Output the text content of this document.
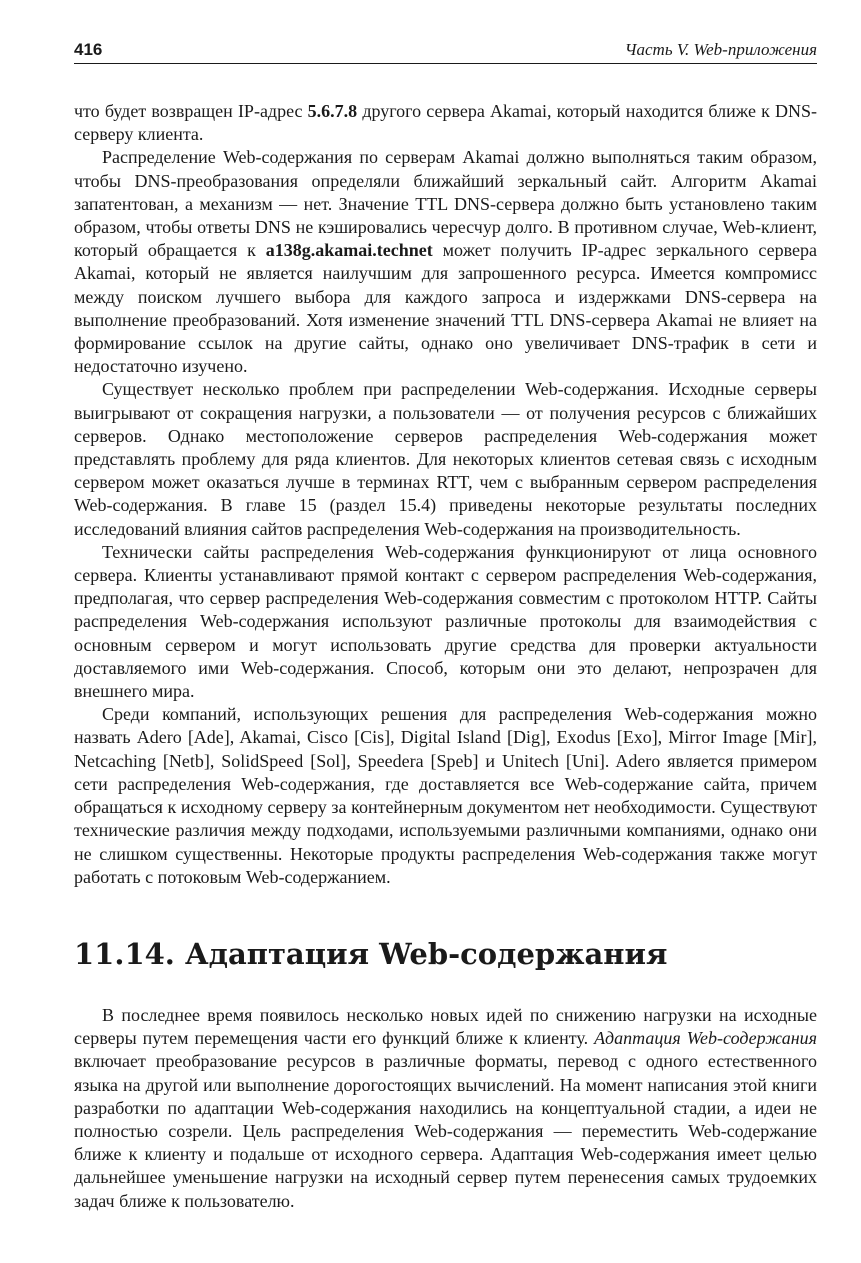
416	Часть V. Web-приложения

что будет возвращен IP-адрес 5.6.7.8 другого сервера Akamai, который находится ближе к DNS-серверу клиента.

Распределение Web-содержания по серверам Akamai должно выполняться таким образом, чтобы DNS-преобразования определяли ближайший зеркальный сайт. Алгоритм Akamai запатентован, а механизм — нет. Значение TTL DNS-сервера должно быть установлено таким образом, чтобы ответы DNS не кэшировались чересчур долго. В противном случае, Web-клиент, который обращается к a138g.akamai.technet может получить IP-адрес зеркального сервера Akamai, который не является наилучшим для запрошенного ресурса. Имеется компромисс между поиском лучшего выбора для каждого запроса и издержками DNS-сервера на выполнение преобразований. Хотя изменение значений TTL DNS-сервера Akamai не влияет на формирование ссылок на другие сайты, однако оно увеличивает DNS-трафик в сети и недостаточно изучено.

Существует несколько проблем при распределении Web-содержания. Исходные серверы выигрывают от сокращения нагрузки, а пользователи — от получения ресурсов с ближайших серверов. Однако местоположение серверов распределения Web-содержания может представлять проблему для ряда клиентов. Для некоторых клиентов сетевая связь с исходным сервером может оказаться лучше в терминах RTT, чем с выбранным сервером распределения Web-содержания. В главе 15 (раздел 15.4) приведены некоторые результаты последних исследований влияния сайтов распределения Web-содержания на производительность.

Технически сайты распределения Web-содержания функционируют от лица основного сервера. Клиенты устанавливают прямой контакт с сервером распределения Web-содержания, предполагая, что сервер распределения Web-содержания совместим с протоколом HTTP. Сайты распределения Web-содержания используют различные протоколы для взаимодействия с основным сервером и могут использовать другие средства для проверки актуальности доставляемого ими Web-содержания. Способ, которым они это делают, непрозрачен для внешнего мира.

Среди компаний, использующих решения для распределения Web-содержания можно назвать Adero [Ade], Akamai, Cisco [Cis], Digital Island [Dig], Exodus [Exo], Mirror Image [Mir], Netcaching [Netb], SolidSpeed [Sol], Speedera [Speb] и Unitech [Uni]. Adero является примером сети распределения Web-содержания, где доставляется все Web-содержание сайта, причем обращаться к исходному серверу за контейнерным документом нет необходимости. Существуют технические различия между подходами, используемыми различными компаниями, однако они не слишком существенны. Некоторые продукты распределения Web-содержания также могут работать с потоковым Web-содержанием.

11.14. Адаптация Web-содержания

В последнее время появилось несколько новых идей по снижению нагрузки на исходные серверы путем перемещения части его функций ближе к клиенту. Адаптация Web-содержания включает преобразование ресурсов в различные форматы, перевод с одного естественного языка на другой или выполнение дорогостоящих вычислений. На момент написания этой книги разработки по адаптации Web-содержания находились на концептуальной стадии, а идеи не полностью созрели. Цель распределения Web-содержания — переместить Web-содержание ближе к клиенту и подальше от исходного сервера. Адаптация Web-содержания имеет целью дальнейшее уменьшение нагрузки на исходный сервер путем перенесения самых трудоемких задач ближе к пользователю.
